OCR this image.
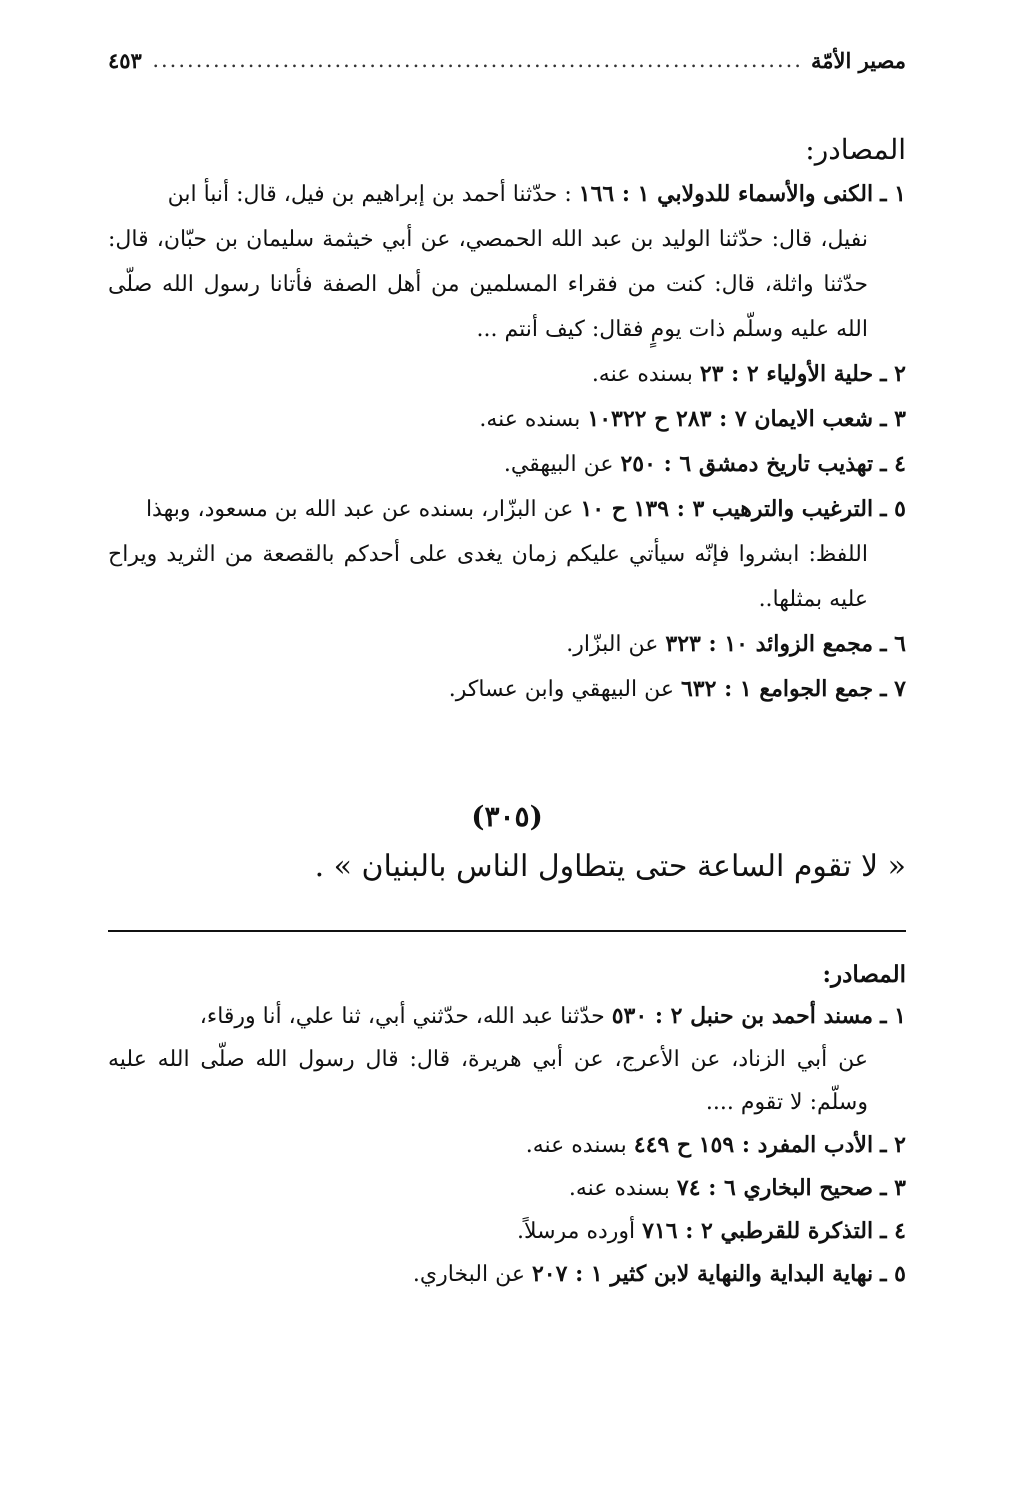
مصير الأمّة
.....
٤٥٣

المصادر:

١ ـ الكنى والأسماء للدولابي ١ : ١٦٦ : حدّثنا أحمد بن إبراهيم بن فيل، قال: أنبأ ابن
نفيل، قال: حدّثنا الوليد بن عبد الله الحمصي، عن أبي خيثمة سليمان بن حبّان، قال: حدّثنا واثلة، قال: كنت من فقراء المسلمين من أهل الصفة فأتانا رسول الله صلّى الله عليه وسلّم ذات يومٍ فقال: كيف أنتم ...
٢ ـ حلية الأولياء ٢ : ٢٣ بسنده عنه.
٣ ـ شعب الايمان ٧ : ٢٨٣ ح ١٠٣٢٢ بسنده عنه.
٤ ـ تهذيب تاريخ دمشق ٦ : ٢٥٠ عن البيهقي.
٥ ـ الترغيب والترهيب ٣ : ١٣٩ ح ١٠ عن البزّار، بسنده عن عبد الله بن مسعود، وبهذا
اللفظ: ابشروا فإنّه سيأتي عليكم زمان يغدى على أحدكم بالقصعة من الثريد ويراح عليه بمثلها..
٦ ـ مجمع الزوائد ١٠ : ٣٢٣ عن البزّار.
٧ ـ جمع الجوامع ١ : ٦٣٢ عن البيهقي وابن عساكر.
(٣٠٥)
« لا تقوم الساعة حتى يتطاول الناس بالبنيان » .

المصادر:

١ ـ مسند أحمد بن حنبل ٢ : ٥٣٠ حدّثنا عبد الله، حدّثني أبي، ثنا علي، أنا ورقاء،
عن أبي الزناد، عن الأعرج، عن أبي هريرة، قال: قال رسول الله صلّى الله عليه وسلّم: لا تقوم ....
٢ ـ الأدب المفرد : ١٥٩ ح ٤٤٩ بسنده عنه.
٣ ـ صحيح البخاري ٦ : ٧٤ بسنده عنه.
٤ ـ التذكرة للقرطبي ٢ : ٧١٦ أورده مرسلاً.
٥ ـ نهاية البداية والنهاية لابن كثير ١ : ٢٠٧ عن البخاري.
